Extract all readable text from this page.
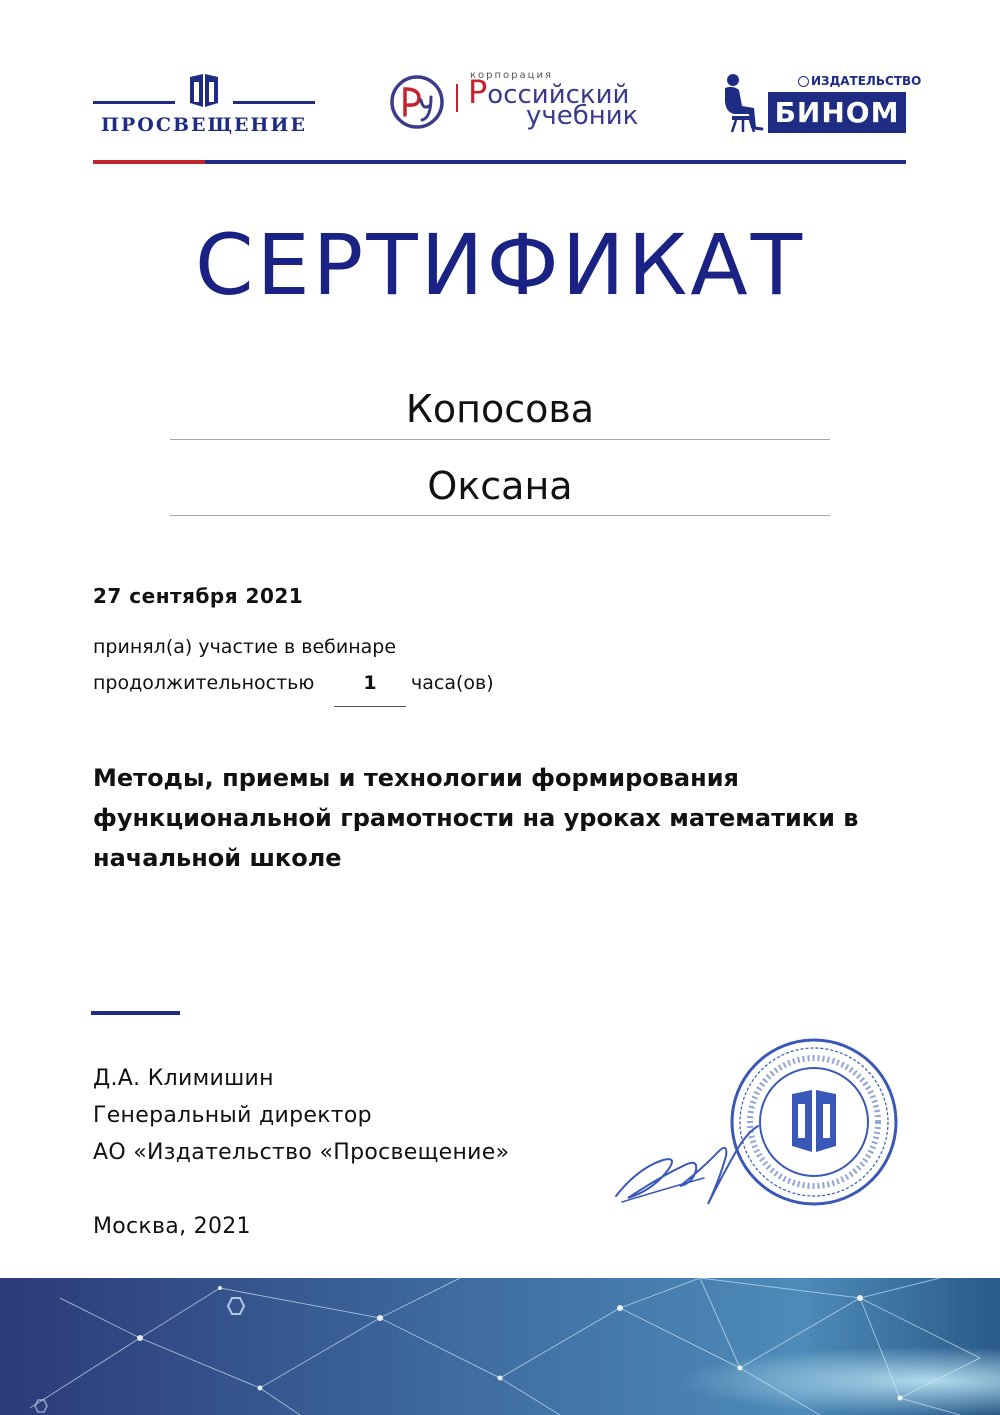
ПРОСВЕЩЕНИЕ
корпорация
Российский
учебник
ИЗДАТЕЛЬСТВО
БИНОМ
СЕРТИФИКАТ
Копосова
Оксана
27 сентября 2021
принял(а) участие в вебинаре
продолжительностью	1	часа(ов)
Методы, приемы и технологии формирования функциональной грамотности на уроках математики в начальной школе
Д.А. Климишин
Генеральный директор
АО «Издательство «Просвещение»
Москва, 2021
